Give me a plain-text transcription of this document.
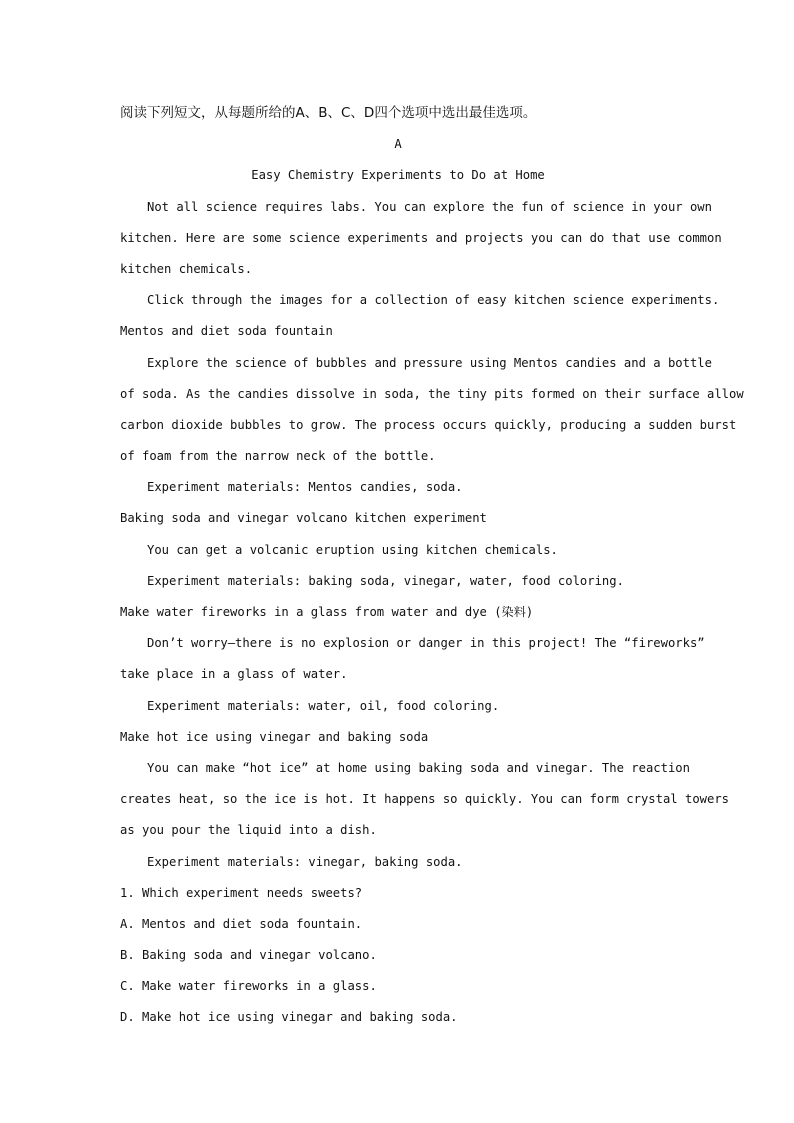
阅读下列短文，从每题所给的A、B、C、D四个选项中选出最佳选项。
A
Easy Chemistry Experiments to Do at Home
Not all science requires labs. You can explore the fun of science in your own
kitchen. Here are some science experiments and projects you can do that use common
kitchen chemicals.
Click through the images for a collection of easy kitchen science experiments.
Mentos and diet soda fountain
Explore the science of bubbles and pressure using Mentos candies and a bottle
of soda. As the candies dissolve in soda, the tiny pits formed on their surface allow
carbon dioxide bubbles to grow. The process occurs quickly, producing a sudden burst
of foam from the narrow neck of the bottle.
Experiment materials: Mentos candies, soda.
Baking soda and vinegar volcano kitchen experiment
You can get a volcanic eruption using kitchen chemicals.
Experiment materials: baking soda, vinegar, water, food coloring.
Make water fireworks in a glass from water and dye (染料)
Don’t worry—there is no explosion or danger in this project! The “fireworks”
take place in a glass of water.
Experiment materials: water, oil, food coloring.
Make hot ice using vinegar and baking soda
You can make “hot ice” at home using baking soda and vinegar. The reaction
creates heat, so the ice is hot. It happens so quickly. You can form crystal towers
as you pour the liquid into a dish.
Experiment materials: vinegar, baking soda.
1. Which experiment needs sweets?
A. Mentos and diet soda fountain.
B. Baking soda and vinegar volcano.
C. Make water fireworks in a glass.
D. Make hot ice using vinegar and baking soda.
